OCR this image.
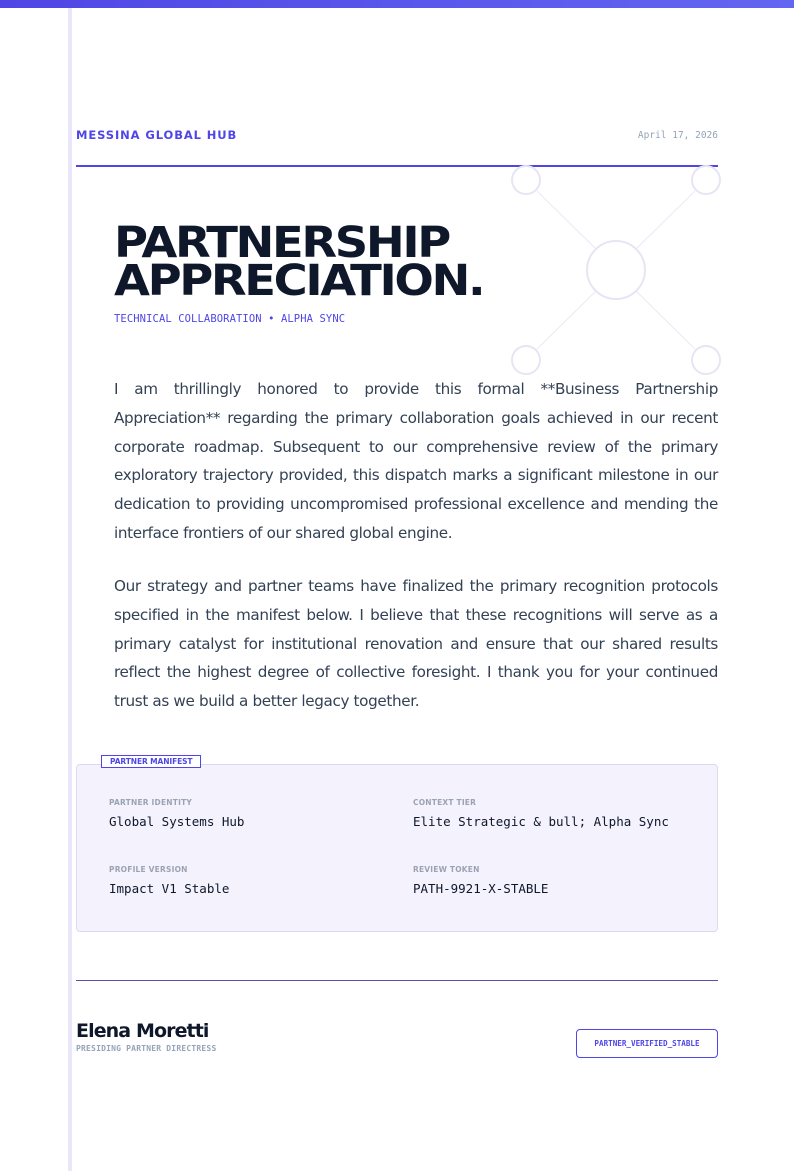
MESSINA GLOBAL HUB	April 17, 2026
PARTNERSHIP
APPRECIATION.
TECHNICAL COLLABORATION • ALPHA SYNC

I am thrillingly honored to provide this formal **Business Partnership Appreciation** regarding the primary collaboration goals achieved in our recent corporate roadmap. Subsequent to our comprehensive review of the primary exploratory trajectory provided, this dispatch marks a significant milestone in our dedication to providing uncompromised professional excellence and mending the interface frontiers of our shared global engine.

Our strategy and partner teams have finalized the primary recognition protocols specified in the manifest below. I believe that these recognitions will serve as a primary catalyst for institutional renovation and ensure that our shared results reflect the highest degree of collective foresight. I thank you for your continued trust as we build a better legacy together.

PARTNER IDENTITY
Global Systems Hub
CONTEXT TIER
Elite Strategic & bull; Alpha Sync
PROFILE VERSION
Impact V1 Stable
REVIEW TOKEN
PATH-9921-X-STABLE
PARTNER MANIFEST
Elena Moretti
PRESIDING PARTNER DIRECTRESS
PARTNER_VERIFIED_STABLE
